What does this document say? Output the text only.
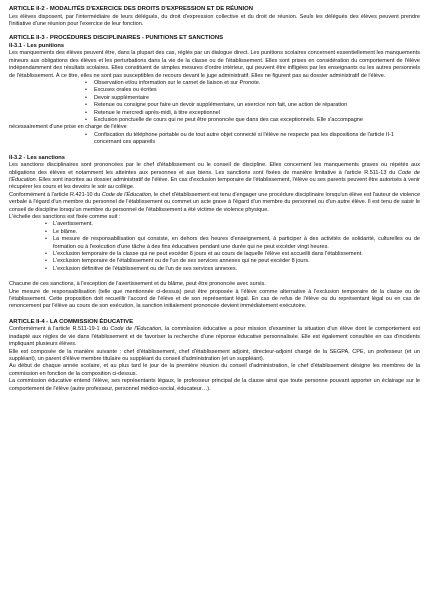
ARTICLE II-2 - MODALITÉS D'EXERCICE DES DROITS D'EXPRESSION ET DE RÉUNION

Les élèves disposent, par l'intermédiaire de leurs délégués, du droit d'expression collective et du droit de réunion. Seuls les délégués des élèves peuvent prendre l'initiative d'une réunion pour l'exercice de leur fonction.

ARTICLE II-3 - PROCÉDURES DISCIPLINAIRES - PUNITIONS ET SANCTIONS
II-3.1 - Les punitions

Les manquements des élèves peuvent être, dans la plupart des cas, réglés par un dialogue direct. Les punitions scolaires concernent essentiellement les manquements mineurs aux obligations des élèves et les perturbations dans la vie de la classe ou de l'établissement. Elles sont prises en considération du comportement de l'élève indépendamment des résultats scolaires. Elles constituent de simples mesures d'ordre intérieur, qui peuvent être infligées par les enseignants ou les autres personnels de l'établissement. À ce titre, elles ne sont pas susceptibles de recours devant le juge administratif. Elles ne figurent pas au dossier administratif de l'élève.

• Observation et/ou information sur le carnet de liaison et sur Pronote.
• Excuses orales ou écrites
• Devoir supplémentaire
• Retenue ou consigne pour faire un devoir supplémentaire, un exercice non fait, une action de réparation
• Retenue le mercredi après-midi, à titre exceptionnel
• Exclusion ponctuelle de cours qui ne peut être prononcée que dans des cas exceptionnels. Elle s'accompagne

nécessairement d'une prise en charge de l'élève

• Confiscation du téléphone portable ou de tout autre objet connecté si l'élève ne respecte pas les dispositions de l'article II-1 concernant ces appareils
II-3.2 - Les sanctions

Les sanctions disciplinaires sont prononcées par le chef d'établissement ou le conseil de discipline. Elles concernent les manquements graves ou répétés aux obligations des élèves et notamment les atteintes aux personnes et aux biens. Les sanctions sont fixées de manière limitative à l'article R.511-13 du Code de l'Éducation. Elles sont inscrites au dossier administratif de l'élève. En cas d'exclusion temporaire de l'établissement, l'élève ou ses parents peuvent être autorisés à venir récupérer les cours et les devoirs le soir au collège.

Conformément à l'article R.421-10 du Code de l'Éducation, le chef d'établissement est tenu d'engager une procédure disciplinaire lorsqu'un élève est l'auteur de violence verbale à l'égard d'un membre du personnel de l'établissement ou commet un acte grave à l'égard d'un membre du personnel ou d'un autre élève. Il est tenu de saisir le conseil de discipline lorsqu'un membre du personnel de l'établissement a été victime de violence physique.

L'échelle des sanctions est fixée comme suit :

• L'avertissement.
• Le blâme.
• La mesure de responsabilisation qui consiste, en dehors des heures d'enseignement, à participer à des activités de solidarité, culturelles ou de formation ou à l'exécution d'une tâche à des fins éducatives pendant une durée qui ne peut excéder vingt heures.
• L'exclusion temporaire de la classe qui ne peut excéder 8 jours et au cours de laquelle l'élève est accueilli dans l'établissement.
• L'exclusion temporaire de l'établissement ou de l'un de ses services annexes qui ne peut excéder 8 jours.
• L'exclusion définitive de l'établissement ou de l'un de ses services annexes.

Chacune de ces sanctions, à l'exception de l'avertissement et du blâme, peut être prononcée avec sursis.

Une mesure de responsabilisation (telle que mentionnée ci-dessus) peut être proposée à l'élève comme alternative à l'exclusion temporaire de la classe ou de l'établissement. Cette proposition doit recueillir l'accord de l'élève et de son représentant légal. En cas de refus de l'élève ou du représentant légal ou en cas de renoncement par l'élève au cours de son exécution, la sanction initialement prononcée devient immédiatement exécutoire.

ARTICLE II-4 - LA COMMISSION ÉDUCATIVE

Conformément à l'article R.511-19-1 du Code de l'Éducation, la commission éducative a pour mission d'examiner la situation d'un élève dont le comportement est inadapté aux règles de vie dans l'établissement et de favoriser la recherche d'une réponse éducative personnalisée. Elle est également consultée en cas d'incidents impliquant plusieurs élèves.

Elle est composée de la manière suivante : chef d'établissement, chef d'établissement adjoint, directeur-adjoint chargé de la SEGPA, CPE, un professeur (et un suppléant), un parent d'élève membre titulaire ou suppléant du conseil d'administration (et un suppléant).

Au début de chaque année scolaire, et au plus tard le jour de la première réunion du conseil d'administration, le chef d'établissement désigne les membres de la commission en fonction de la composition ci-dessus.

La commission éducative entend l'élève, ses représentants légaux, le professeur principal de la classe ainsi que toute personne pouvant apporter un éclairage sur le comportement de l'élève (autre professeur, personnel médico-social, éducateur…).
